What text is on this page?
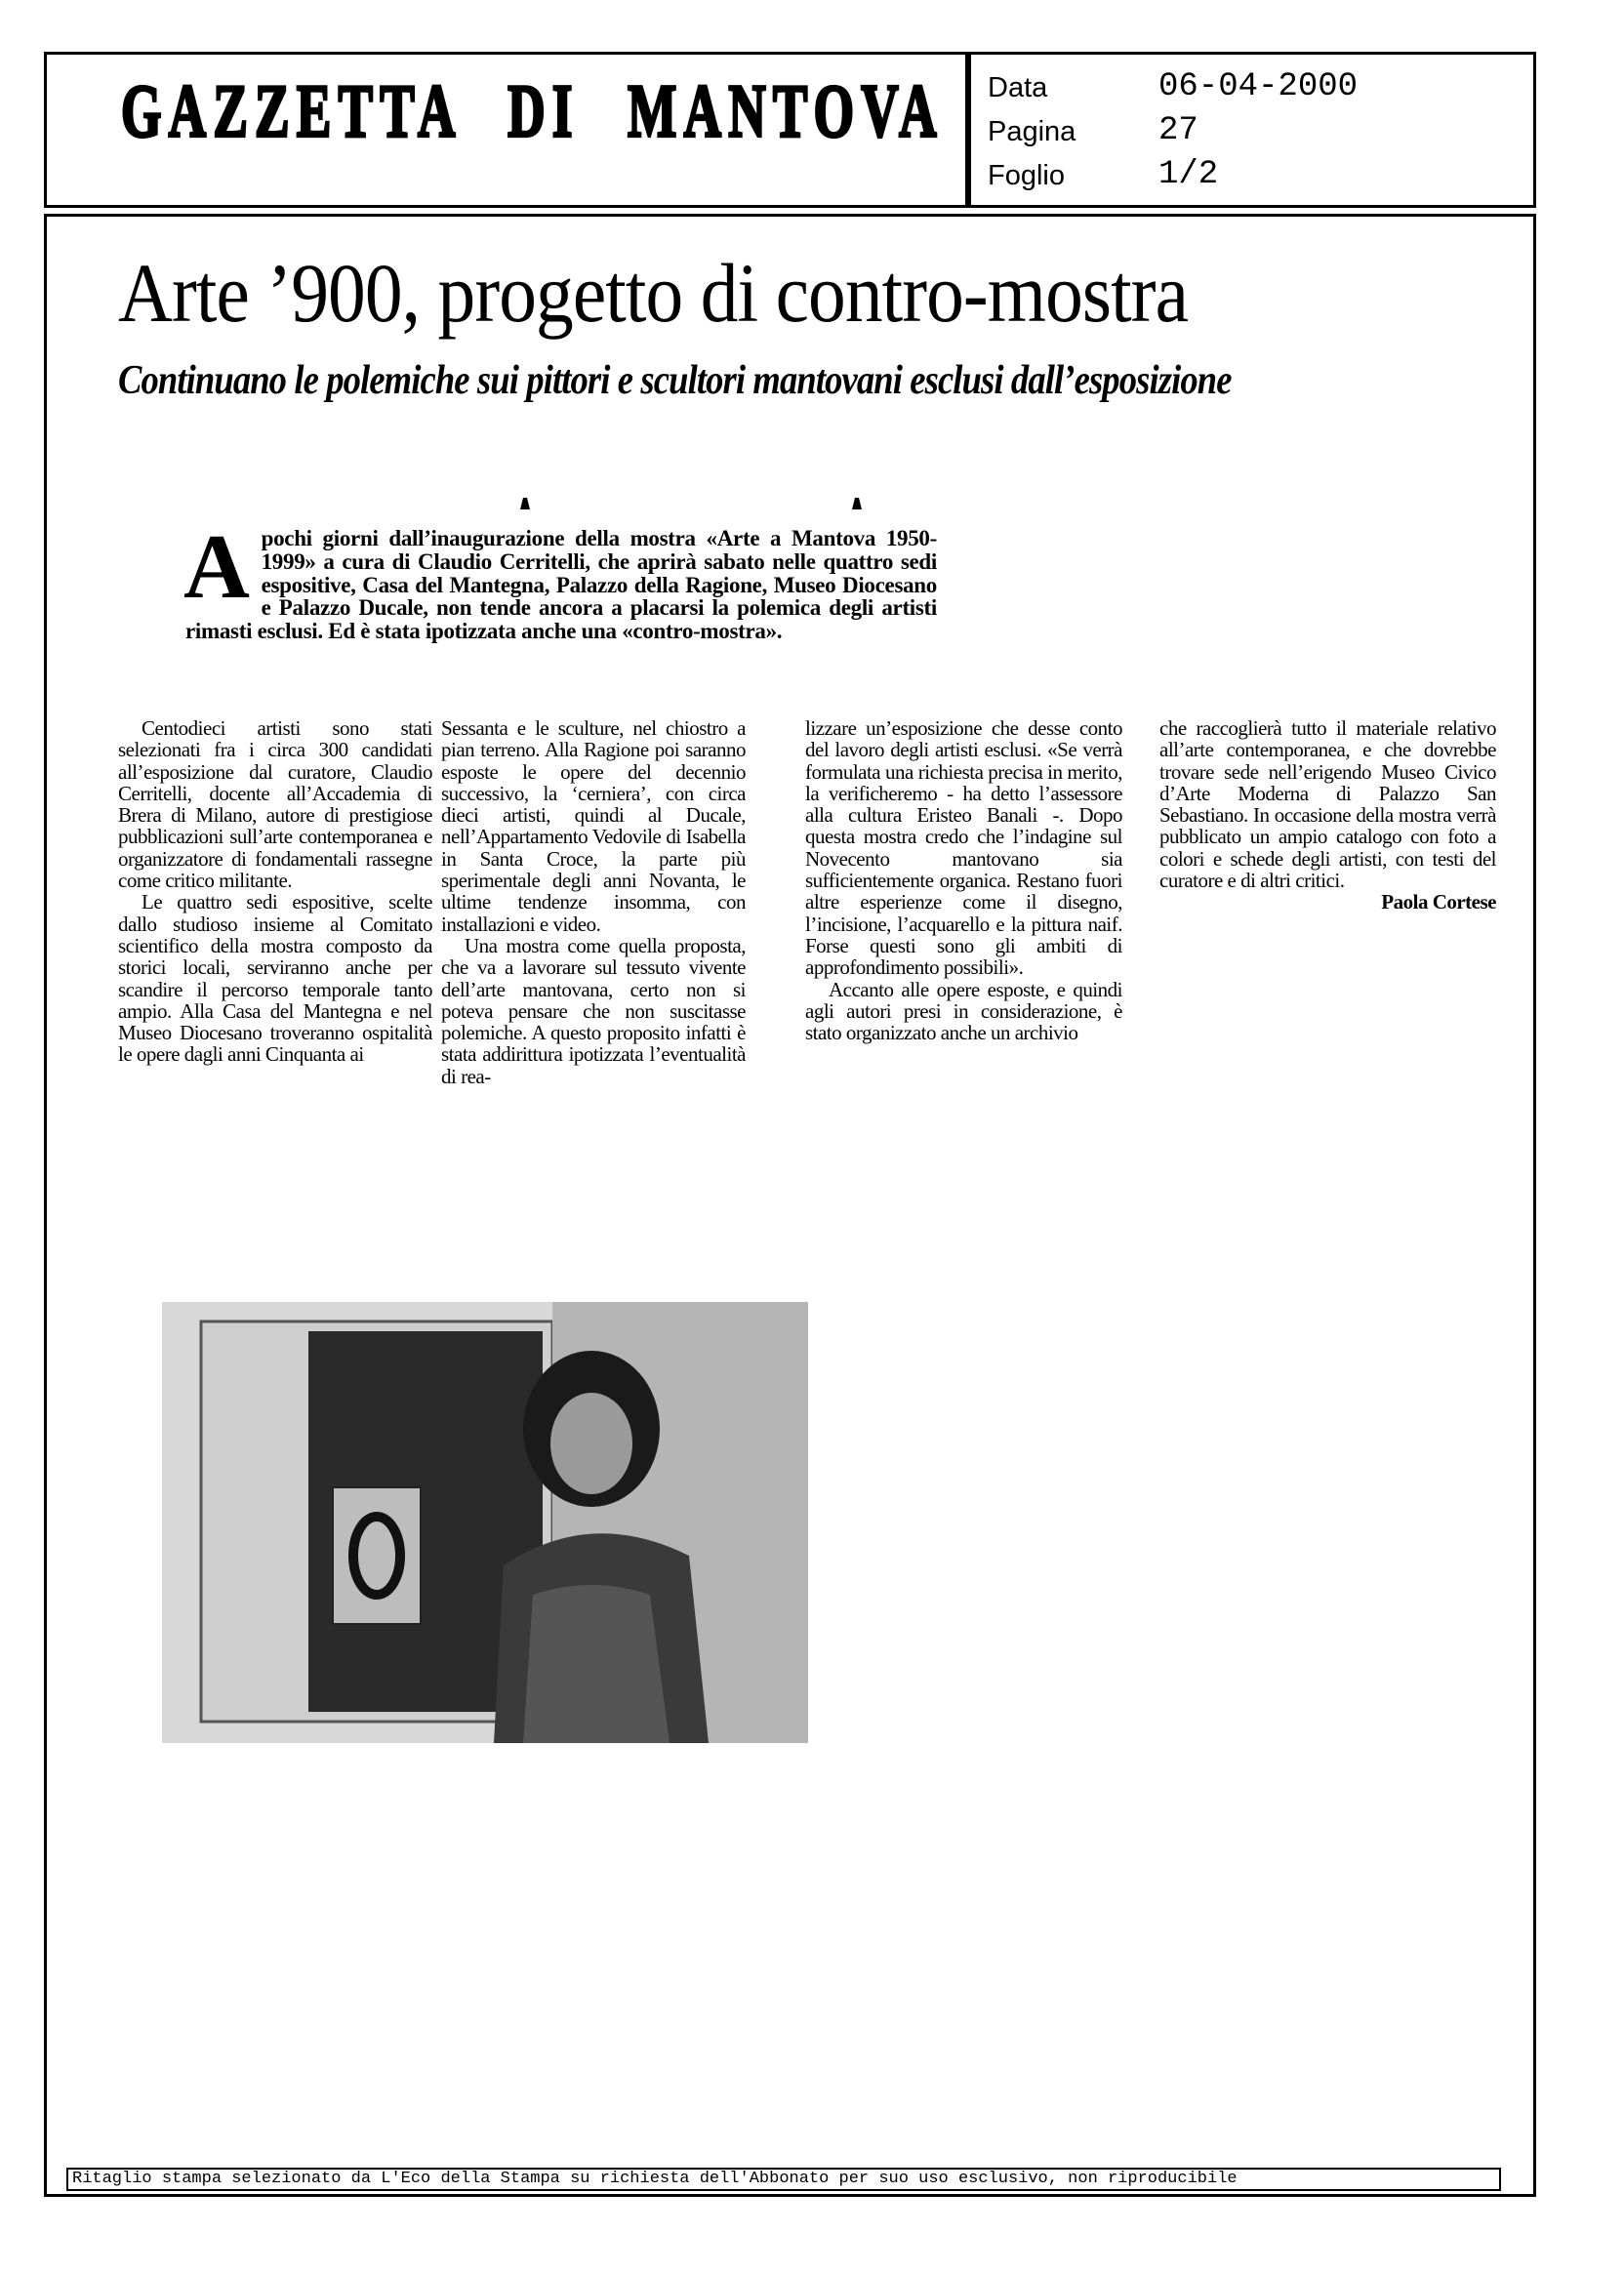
GAZZETTA DI MANTOVA Data	06-04-2000
Pagina 27
Foglio	1/2
Arte ’900, progetto di contro-mostra
Continuano le polemiche sui pittori e scultori mantovani esclusi dall’esposizione
Apochi giorni dall’inaugurazione della mostra «Arte a Mantova 1950-1999» a cura di Claudio Cerritelli, che aprirà sabato nelle quattro sedi espositive, Casa del Mantegna, Palazzo della Ragione, Museo Diocesano e Palazzo Ducale, non tende ancora a placarsi la polemica degli artisti rimasti esclusi. Ed è stata ipotizzata anche una «contro-mostra».

Centodieci artisti sono stati selezionati fra i circa 300 candidati all’esposizione dal curatore, Claudio Cerritelli, docente all’Accademia di Brera di Milano, autore di prestigiose pubblicazioni sull’arte contemporanea e organizzatore di fondamentali rassegne come critico militante.

Le quattro sedi espositive, scelte dallo studioso insieme al Comitato scientifico della mostra composto da storici locali, serviranno anche per scandire il percorso temporale tanto ampio. Alla Casa del Mantegna e nel Museo Diocesano troveranno ospitalità le opere dagli anni Cinquanta ai

Sessanta e le sculture, nel chiostro a pian terreno. Alla Ragione poi saranno esposte le opere del decennio successivo, la ‘cerniera’, con circa dieci artisti, quindi al Ducale, nell’Appartamento Vedovile di Isabella in Santa Croce, la parte più sperimentale degli anni Novanta, le ultime tendenze insomma, con installazioni e video.

Una mostra come quella proposta, che va a lavorare sul tessuto vivente dell’arte mantovana, certo non si poteva pensare che non suscitasse polemiche. A questo proposito infatti è stata addirittura ipotizzata l’eventualità di rea-

lizzare un’esposizione che desse conto del lavoro degli artisti esclusi. «Se verrà formulata una richiesta precisa in merito, la verificheremo - ha detto l’assessore alla cultura Eristeo Banali -. Dopo questa mostra credo che l’indagine sul Novecento mantovano sia sufficientemente organica. Restano fuori altre esperienze come il disegno, l’incisione, l’acquarello e la pittura naif. Forse questi sono gli ambiti di approfondimento possibili».

Accanto alle opere esposte, e quindi agli autori presi in considerazione, è stato organizzato anche un archivio

che raccoglierà tutto il materiale relativo all’arte contemporanea, e che dovrebbe trovare sede nell’erigendo Museo Civico d’Arte Moderna di Palazzo San Sebastiano. In occasione della mostra verrà pubblicato un ampio catalogo con foto a colori e schede degli artisti, con testi del curatore e di altri critici.

Paola Cortese

Ritaglio stampa selezionato da L'Eco della Stampa su richiesta dell'Abbonato per suo uso esclusivo, non riproducibile
